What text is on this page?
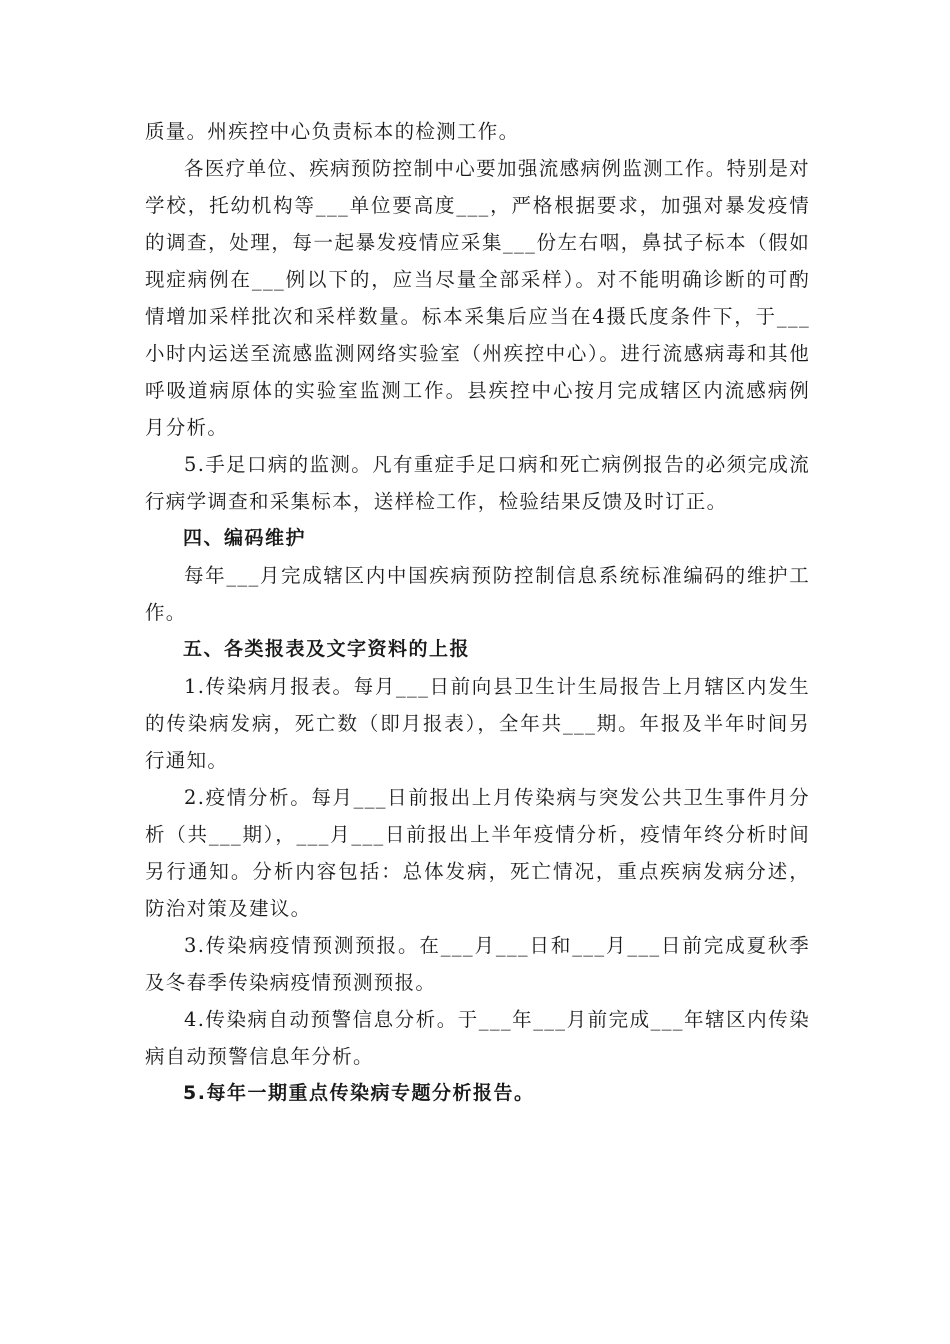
质量。州疾控中心负责标本的检测工作。

各医疗单位、疾病预防控制中心要加强流感病例监测工作。特别是对学校，托幼机构等___单位要高度___，严格根据要求，加强对暴发疫情的调查，处理，每一起暴发疫情应采集___份左右咽，鼻拭子标本（假如现症病例在___例以下的，应当尽量全部采样）。对不能明确诊断的可酌情增加采样批次和采样数量。标本采集后应当在4摄氏度条件下，于___小时内运送至流感监测网络实验室（州疾控中心）。进行流感病毒和其他呼吸道病原体的实验室监测工作。县疾控中心按月完成辖区内流感病例月分析。

5.手足口病的监测。凡有重症手足口病和死亡病例报告的必须完成流行病学调查和采集标本，送样检工作，检验结果反馈及时订正。

四、编码维护

每年___月完成辖区内中国疾病预防控制信息系统标准编码的维护工作。

五、各类报表及文字资料的上报

1.传染病月报表。每月___日前向县卫生计生局报告上月辖区内发生的传染病发病，死亡数（即月报表），全年共___期。年报及半年时间另行通知。

2.疫情分析。每月___日前报出上月传染病与突发公共卫生事件月分析（共___期），___月___日前报出上半年疫情分析，疫情年终分析时间另行通知。分析内容包括：总体发病，死亡情况，重点疾病发病分述，防治对策及建议。

3.传染病疫情预测预报。在___月___日和___月___日前完成夏秋季及冬春季传染病疫情预测预报。

4.传染病自动预警信息分析。于___年___月前完成___年辖区内传染病自动预警信息年分析。

5.每年一期重点传染病专题分析报告。
